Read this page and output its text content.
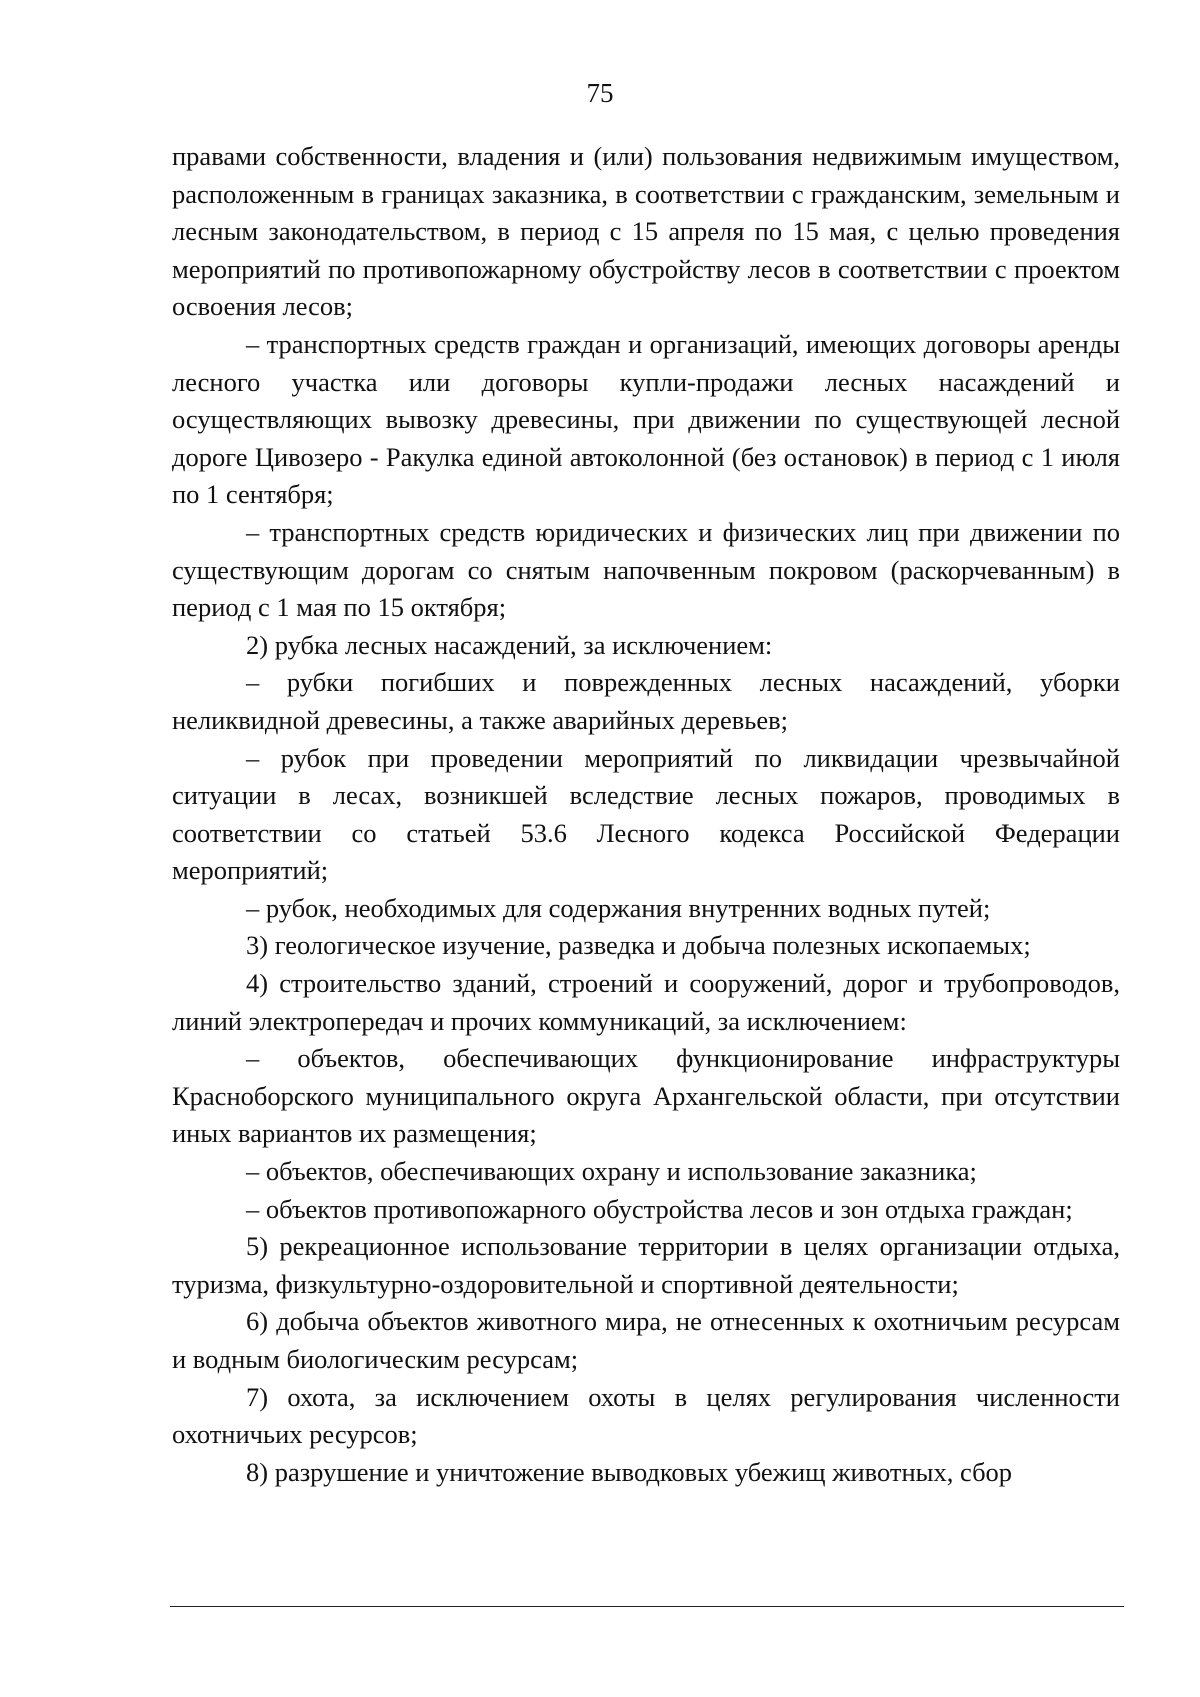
75

правами собственности, владения и (или) пользования недвижимым имуществом, расположенным в границах заказника, в соответствии с гражданским, земельным и лесным законодательством, в период с 15 апреля по 15 мая, с целью проведения мероприятий по противопожарному обустройству лесов в соответствии с проектом освоения лесов;

– транспортных средств граждан и организаций, имеющих договоры аренды лесного участка или договоры купли-продажи лесных насаждений и осуществляющих вывозку древесины, при движении по существующей лесной дороге Цивозеро - Ракулка единой автоколонной (без остановок) в период с 1 июля по 1 сентября;

– транспортных средств юридических и физических лиц при движении по существующим дорогам со снятым напочвенным покровом (раскорчеванным) в период с 1 мая по 15 октября;

2) рубка лесных насаждений, за исключением:

– рубки погибших и поврежденных лесных насаждений, уборки неликвидной древесины, а также аварийных деревьев;

– рубок при проведении мероприятий по ликвидации чрезвычайной ситуации в лесах, возникшей вследствие лесных пожаров, проводимых в соответствии со статьей 53.6 Лесного кодекса Российской Федерации мероприятий;

– рубок, необходимых для содержания внутренних водных путей;

3) геологическое изучение, разведка и добыча полезных ископаемых;

4) строительство зданий, строений и сооружений, дорог и трубопроводов, линий электропередач и прочих коммуникаций, за исключением:

– объектов, обеспечивающих функционирование инфраструктуры Красноборского муниципального округа Архангельской области, при отсутствии иных вариантов их размещения;

– объектов, обеспечивающих охрану и использование заказника;

– объектов противопожарного обустройства лесов и зон отдыха граждан;

5) рекреационное использование территории в целях организации отдыха, туризма, физкультурно-оздоровительной и спортивной деятельности;

6) добыча объектов животного мира, не отнесенных к охотничьим ресурсам и водным биологическим ресурсам;

7) охота, за исключением охоты в целях регулирования численности охотничьих ресурсов;

8) разрушение и уничтожение выводковых убежищ животных, сбор
